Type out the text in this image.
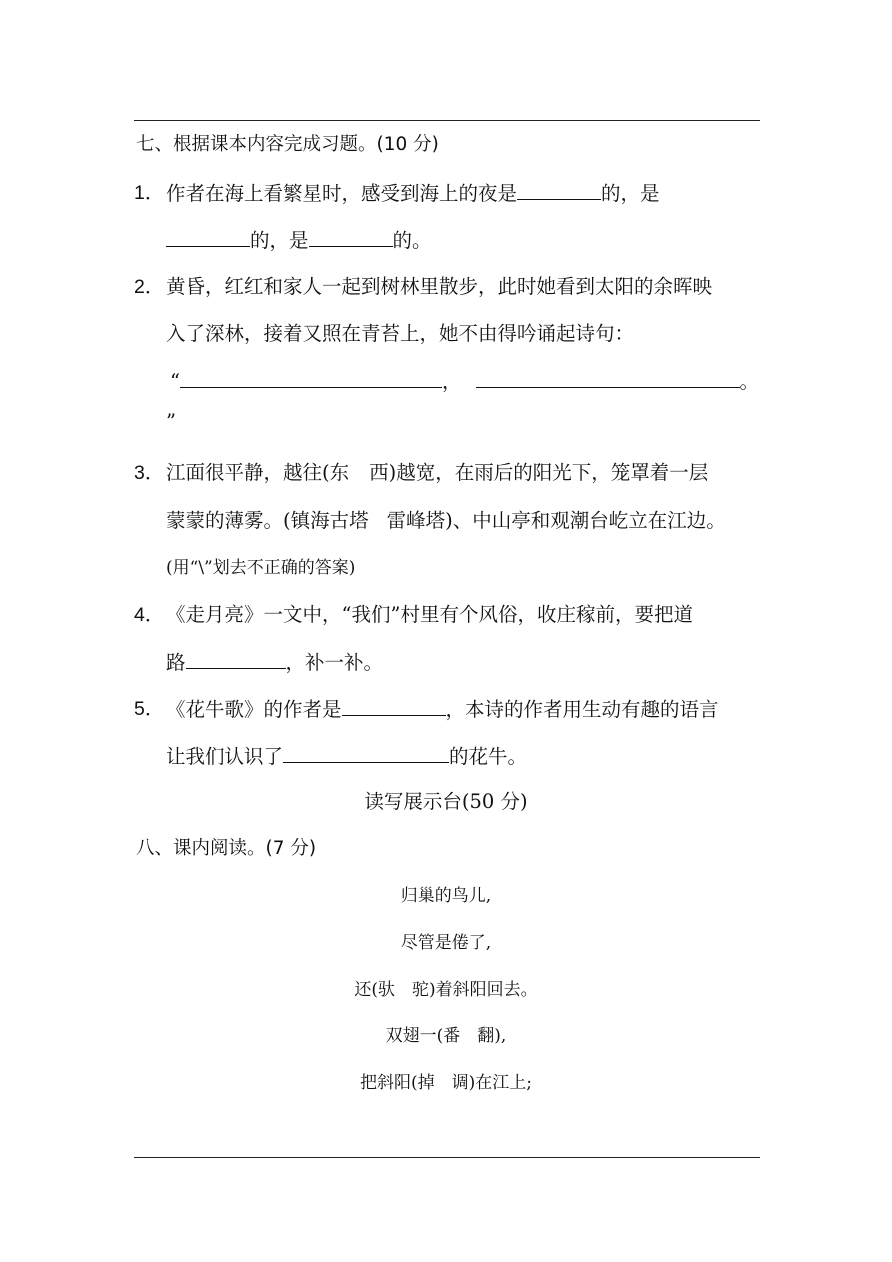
七、根据课本内容完成习题。(10 分)
1． 作者在海上看繁星时，感受到海上的夜是	的，是
的，是	的。
2． 黄昏，红红和家人一起到树林里散步，此时她看到太阳的余晖映
入了深林，接着又照在青苔上，她不由得吟诵起诗句：
“	，	。
”
3． 江面很平静，越往(东 西)越宽，在雨后的阳光下，笼罩着一层
蒙蒙的薄雾。(镇海古塔 雷峰塔)、中山亭和观潮台屹立在江边。
(用“\”划去不正确的答案)
4． 《走月亮》一文中，“我们”村里有个风俗，收庄稼前，要把道
路	，补一补。
5． 《花牛歌》的作者是	，本诗的作者用生动有趣的语言
让我们认识了	的花牛。
读写展示台(50 分)
八、课内阅读。(7 分)
归巢的鸟儿,
尽管是倦了,
还(驮　驼)着斜阳回去。
双翅一(番　翻),
把斜阳(掉　调)在江上;
